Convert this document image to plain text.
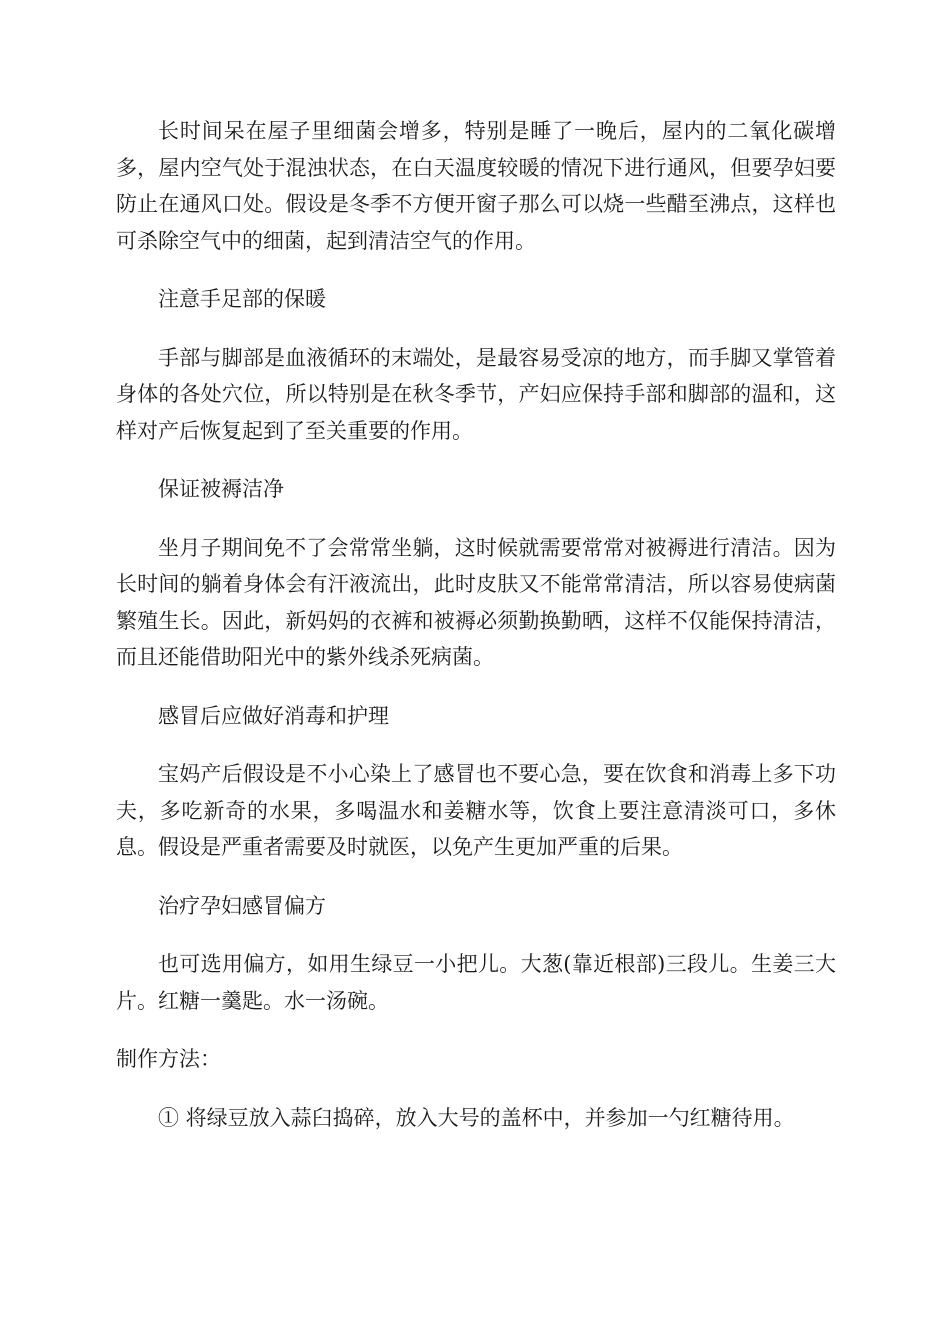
长时间呆在屋子里细菌会增多，特别是睡了一晚后，屋内的二氧化碳增多，屋内空气处于混浊状态，在白天温度较暖的情况下进行通风，但要孕妇要防止在通风口处。假设是冬季不方便开窗子那么可以烧一些醋至沸点，这样也可杀除空气中的细菌，起到清洁空气的作用。

注意手足部的保暖

手部与脚部是血液循环的末端处，是最容易受凉的地方，而手脚又掌管着身体的各处穴位，所以特别是在秋冬季节，产妇应保持手部和脚部的温和，这样对产后恢复起到了至关重要的作用。

保证被褥洁净

坐月子期间免不了会常常坐躺，这时候就需要常常对被褥进行清洁。因为长时间的躺着身体会有汗液流出，此时皮肤又不能常常清洁，所以容易使病菌繁殖生长。因此，新妈妈的衣裤和被褥必须勤换勤晒，这样不仅能保持清洁，而且还能借助阳光中的紫外线杀死病菌。

感冒后应做好消毒和护理

宝妈产后假设是不小心染上了感冒也不要心急，要在饮食和消毒上多下功夫，多吃新奇的水果，多喝温水和姜糖水等，饮食上要注意清淡可口，多休息。假设是严重者需要及时就医，以免产生更加严重的后果。

治疗孕妇感冒偏方

也可选用偏方，如用生绿豆一小把儿。大葱(靠近根部)三段儿。生姜三大片。红糖一羹匙。水一汤碗。

制作方法：

① 将绿豆放入蒜臼捣碎，放入大号的盖杯中，并参加一勺红糖待用。
